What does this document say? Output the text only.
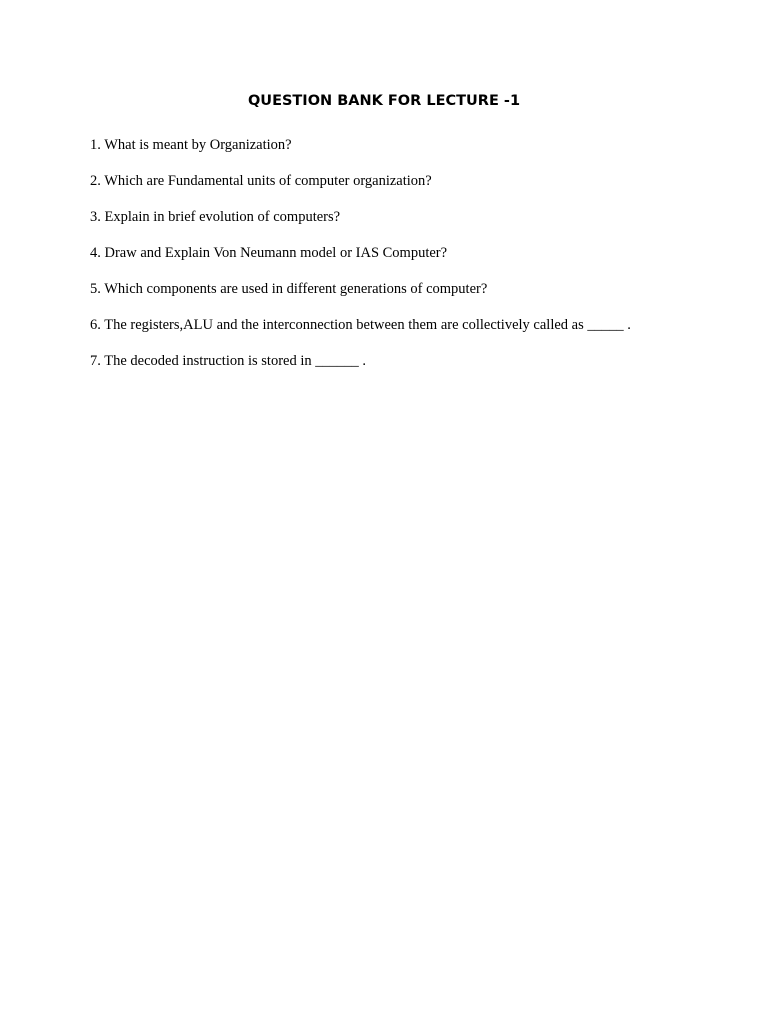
QUESTION BANK FOR LECTURE -1
1. What is meant by Organization?
2. Which are Fundamental units of computer organization?
3. Explain in brief evolution of computers?
4. Draw and Explain Von Neumann model or IAS Computer?
5. Which components are used in different generations of computer?
6. The registers,ALU and the interconnection between them are collectively called as _____ .
7. The decoded instruction is stored in ______ .
